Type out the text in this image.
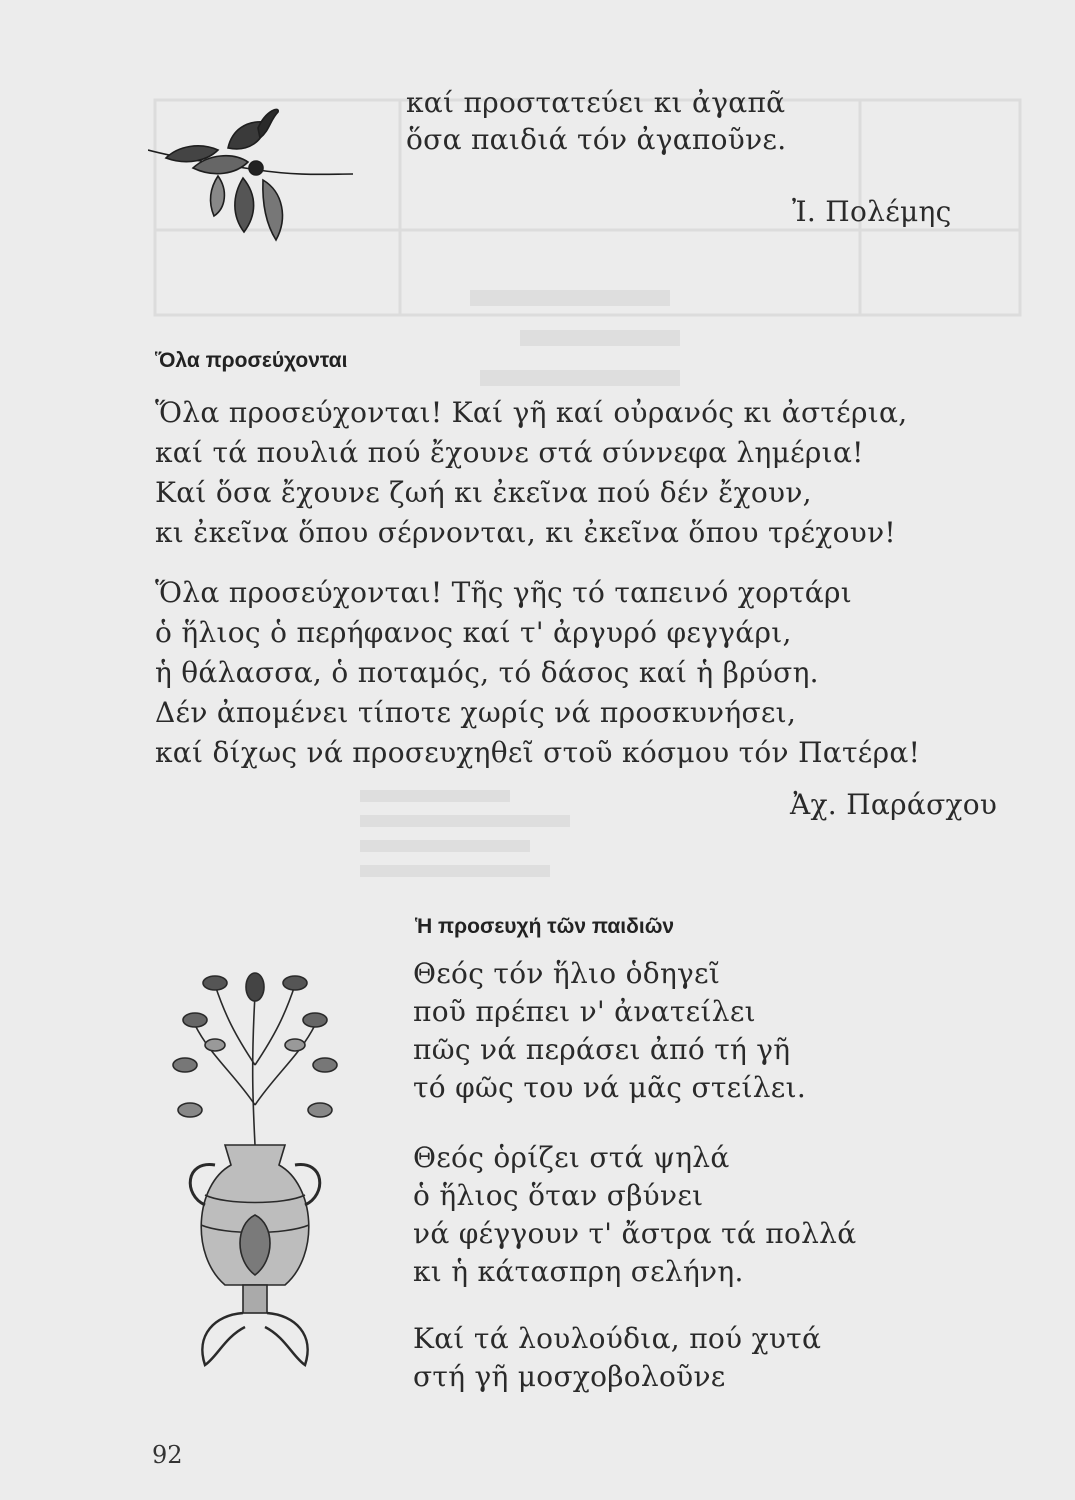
καί προστατεύει κι ἀγαπᾶ
ὅσα παιδιά τόν ἀγαποῦνε.
Ἰ. Πολέμης
Ὅλα προσεύχονται
Ὅλα προσεύχονται! Καί γῆ καί οὐρανός κι ἀστέρια,
καί τά πουλιά πού ἔχουνε στά σύννεφα λημέρια!
Καί ὅσα ἔχουνε ζωή κι ἐκεῖνα πού δέν ἔχουν,
κι ἐκεῖνα ὅπου σέρνονται, κι ἐκεῖνα ὅπου τρέχουν!
Ὅλα προσεύχονται! Τῆς γῆς τό ταπεινό χορτάρι
ὁ ἥλιος ὁ περήφανος καί τ' ἀργυρό φεγγάρι,
ἡ θάλασσα, ὁ ποταμός, τό δάσος καί ἡ βρύση.
Δέν ἀπομένει τίποτε χωρίς νά προσκυνήσει,
καί δίχως νά προσευχηθεῖ στοῦ κόσμου τόν Πατέρα!
Ἀχ. Παράσχου
Ἡ προσευχή τῶν παιδιῶν
Θεός τόν ἥλιο ὁδηγεῖ
ποῦ πρέπει ν' ἀνατείλει
πῶς νά περάσει ἀπό τή γῆ
τό φῶς του νά μᾶς στείλει.
Θεός ὁρίζει στά ψηλά
ὁ ἥλιος ὅταν σβύνει
νά φέγγουν τ' ἄστρα τά πολλά
κι ἡ κάτασπρη σελήνη.
Καί τά λουλούδια, πού χυτά
στή γῆ μοσχοβολοῦνε
92
